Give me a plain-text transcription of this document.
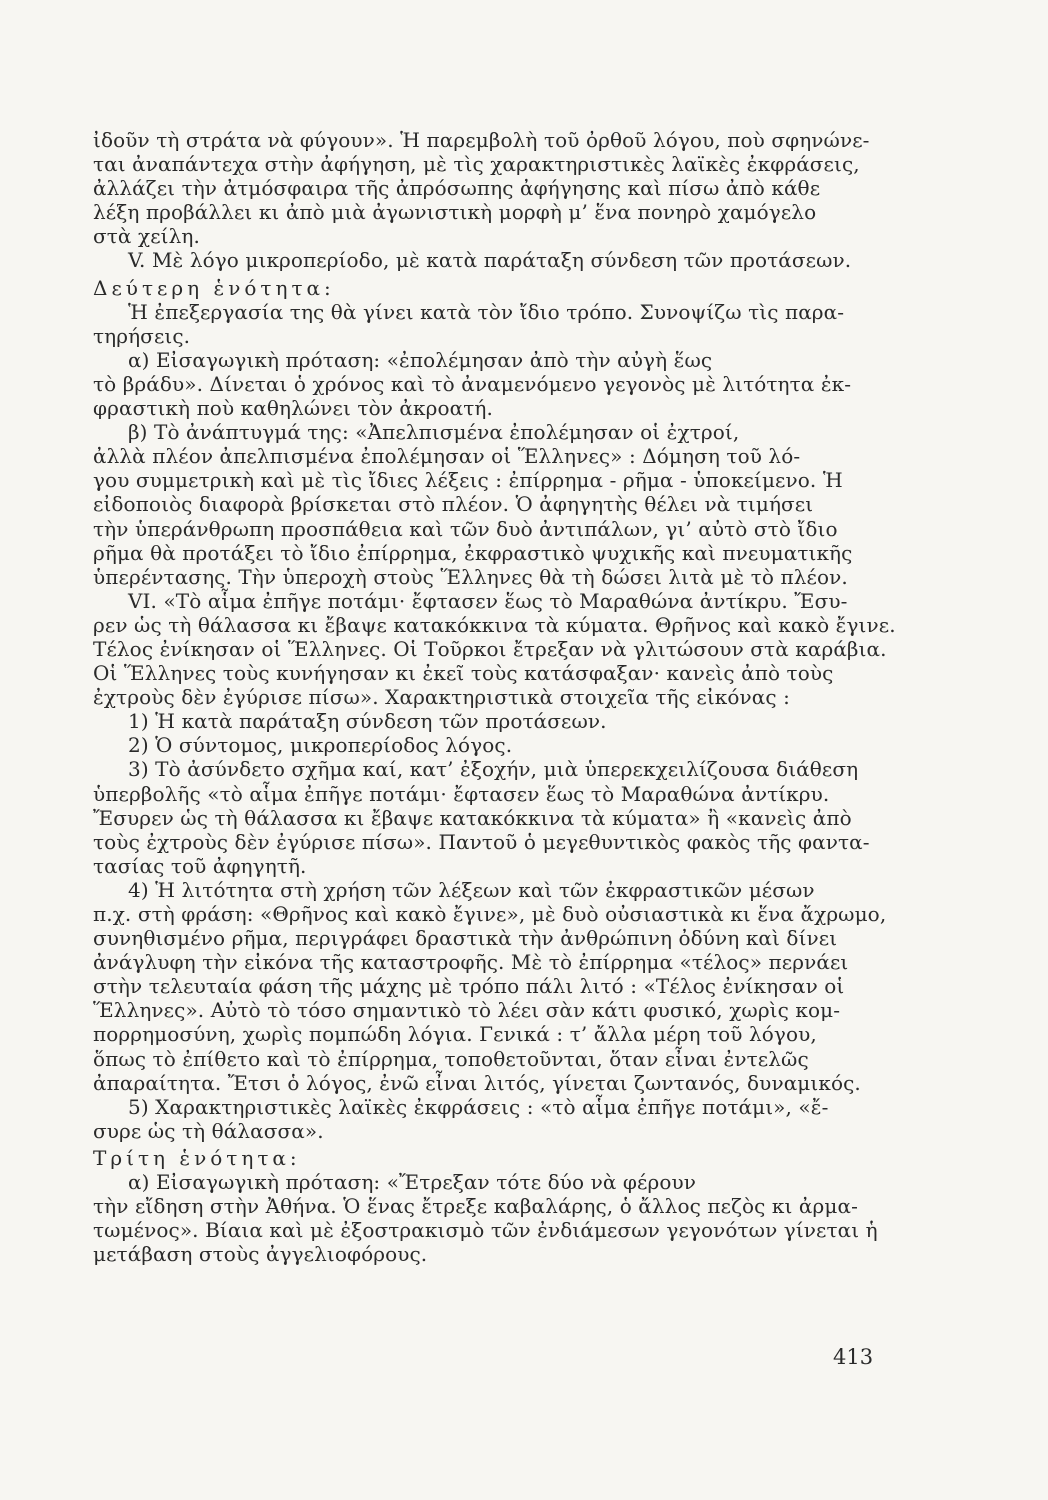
ἰδοῦν τὴ στράτα νὰ φύγουν». Ἡ παρεμβολὴ τοῦ ὀρθοῦ λόγου, ποὺ σφηνώνε-
ται ἀναπάντεχα στὴν ἀφήγηση, μὲ τὶς χαρακτηριστικὲς λαϊκὲς ἐκφράσεις,
ἀλλάζει τὴν ἀτμόσφαιρα τῆς ἀπρόσωπης ἀφήγησης καὶ πίσω ἀπὸ κάθε
λέξη προβάλλει κι ἀπὸ μιὰ ἀγωνιστικὴ μορφὴ μ’ ἕνα πονηρὸ χαμόγελο
στὰ χείλη.
V. Μὲ λόγο μικροπερίοδο, μὲ κατὰ παράταξη σύνδεση τῶν προτάσεων.
Δεύτερη ἑνότητα:
Ἡ ἐπεξεργασία της θὰ γίνει κατὰ τὸν ἴδιο τρόπο. Συνοψίζω τὶς παρα-
τηρήσεις.
α) Εἰσαγωγικὴ πρόταση: «ἐπολέμησαν ἀπὸ τὴν αὐγὴ ἕως
τὸ βράδυ». Δίνεται ὁ χρόνος καὶ τὸ ἀναμενόμενο γεγονὸς μὲ λιτότητα ἐκ-
φραστικὴ ποὺ καθηλώνει τὸν ἀκροατή.
β) Τὸ ἀνάπτυγμά της: «Ἀπελπισμένα ἐπολέμησαν οἱ ἐχτροί,
ἀλλὰ πλέον ἀπελπισμένα ἐπολέμησαν οἱ Ἕλληνες» : Δόμηση τοῦ λό-
γου συμμετρικὴ καὶ μὲ τὶς ἴδιες λέξεις : ἐπίρρημα - ρῆμα - ὑποκείμενο. Ἡ
εἰδοποιὸς διαφορὰ βρίσκεται στὸ πλέον. Ὁ ἀφηγητὴς θέλει νὰ τιμήσει
τὴν ὑπεράνθρωπη προσπάθεια καὶ τῶν δυὸ ἀντιπάλων, γι’ αὐτὸ στὸ ἴδιο
ρῆμα θὰ προτάξει τὸ ἴδιο ἐπίρρημα, ἐκφραστικὸ ψυχικῆς καὶ πνευματικῆς
ὑπερέντασης. Τὴν ὑπεροχὴ στοὺς Ἕλληνες θὰ τὴ δώσει λιτὰ μὲ τὸ πλέον.
VI. «Τὸ αἷμα ἐπῆγε ποτάμι· ἔφτασεν ἕως τὸ Μαραθώνα ἀντίκρυ. Ἔσυ-
ρεν ὡς τὴ θάλασσα κι ἔβαψε κατακόκκινα τὰ κύματα. Θρῆνος καὶ κακὸ ἔγινε.
Τέλος ἐνίκησαν οἱ Ἕλληνες. Οἱ Τοῦρκοι ἔτρεξαν νὰ γλιτώσουν στὰ καράβια.
Οἱ Ἕλληνες τοὺς κυνήγησαν κι ἐκεῖ τοὺς κατάσφαξαν· κανεὶς ἀπὸ τοὺς
ἐχτροὺς δὲν ἐγύρισε πίσω». Χαρακτηριστικὰ στοιχεῖα τῆς εἰκόνας :
1) Ἡ κατὰ παράταξη σύνδεση τῶν προτάσεων.
2) Ὁ σύντομος, μικροπερίοδος λόγος.
3) Τὸ ἀσύνδετο σχῆμα καί, κατ’ ἐξοχήν, μιὰ ὑπερεκχειλίζουσα διάθεση
ὑπερβολῆς «τὸ αἷμα ἐπῆγε ποτάμι· ἔφτασεν ἕως τὸ Μαραθώνα ἀντίκρυ.
Ἔσυρεν ὡς τὴ θάλασσα κι ἔβαψε κατακόκκινα τὰ κύματα» ἢ «κανεὶς ἀπὸ
τοὺς ἐχτροὺς δὲν ἐγύρισε πίσω». Παντοῦ ὁ μεγεθυντικὸς φακὸς τῆς φαντα-
τασίας τοῦ ἀφηγητῆ.
4) Ἡ λιτότητα στὴ χρήση τῶν λέξεων καὶ τῶν ἐκφραστικῶν μέσων
π.χ. στὴ φράση: «Θρῆνος καὶ κακὸ ἔγινε», μὲ δυὸ οὐσιαστικὰ κι ἕνα ἄχρωμο,
συνηθισμένο ρῆμα, περιγράφει δραστικὰ τὴν ἀνθρώπινη ὀδύνη καὶ δίνει
ἀνάγλυφη τὴν εἰκόνα τῆς καταστροφῆς. Μὲ τὸ ἐπίρρημα «τέλος» περνάει
στὴν τελευταία φάση τῆς μάχης μὲ τρόπο πάλι λιτό : «Τέλος ἐνίκησαν οἱ
Ἕλληνες». Αὐτὸ τὸ τόσο σημαντικὸ τὸ λέει σὰν κάτι φυσικό, χωρὶς κομ-
πορρημοσύνη, χωρὶς πομπώδη λόγια. Γενικά : τ’ ἄλλα μέρη τοῦ λόγου,
ὅπως τὸ ἐπίθετο καὶ τὸ ἐπίρρημα, τοποθετοῦνται, ὅταν εἶναι ἐντελῶς
ἀπαραίτητα. Ἔτσι ὁ λόγος, ἐνῶ εἶναι λιτός, γίνεται ζωντανός, δυναμικός.
5) Χαρακτηριστικὲς λαϊκὲς ἐκφράσεις : «τὸ αἷμα ἐπῆγε ποτάμι», «ἔ-
συρε ὡς τὴ θάλασσα».
Τρίτη ἑνότητα:
α) Εἰσαγωγικὴ πρόταση: «Ἔτρεξαν τότε δύο νὰ φέρουν
τὴν εἴδηση στὴν Ἀθήνα. Ὁ ἕνας ἔτρεξε καβαλάρης, ὁ ἄλλος πεζὸς κι ἀρμα-
τωμένος». Βίαια καὶ μὲ ἐξοστρακισμὸ τῶν ἐνδιάμεσων γεγονότων γίνεται ἡ
μετάβαση στοὺς ἀγγελιοφόρους.
413
